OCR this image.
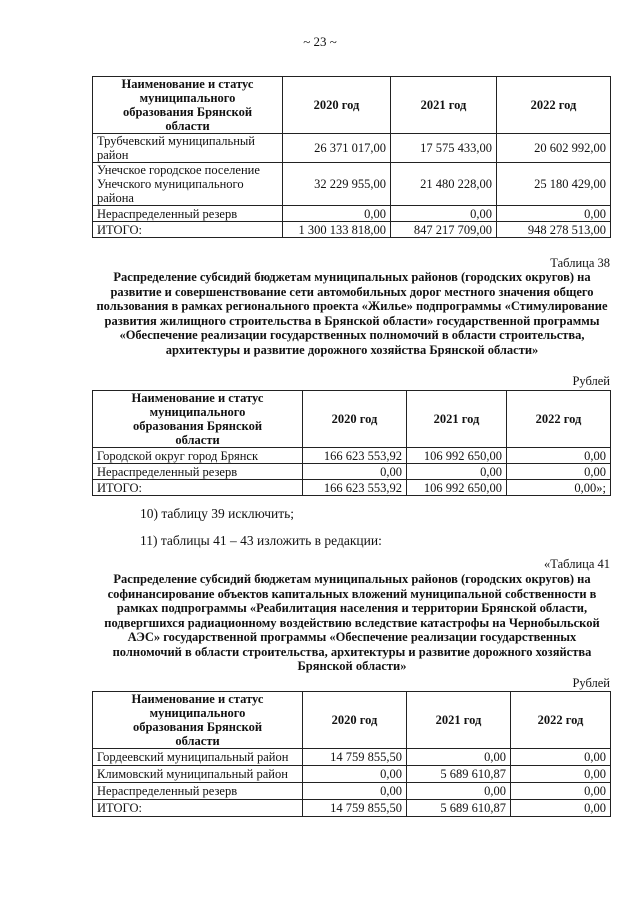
~ 23 ~
Наименование и статус муниципального образования Брянской области	2020 год	2021 год	2022 год
Трубчевский муниципальный район	26 371 017,00	17 575 433,00	20 602 992,00
Унечское городское поселение Унечского муниципального района	32 229 955,00	21 480 228,00	25 180 429,00
Нераспределенный резерв	0,00	0,00	0,00
ИТОГО:	1 300 133 818,00	847 217 709,00	948 278 513,00
Таблица 38
Распределение субсидий бюджетам муниципальных районов (городских округов) на развитие и совершенствование сети автомобильных дорог местного значения общего пользования в рамках регионального проекта «Жилье» подпрограммы «Стимулирование развития жилищного строительства в Брянской области» государственной программы «Обеспечение реализации государственных полномочий в области строительства, архитектуры и развитие дорожного хозяйства Брянской области»
Рублей
Наименование и статус муниципального образования Брянской области	2020 год	2021 год	2022 год
Городской округ город Брянск	166 623 553,92	106 992 650,00	0,00
Нераспределенный резерв	0,00	0,00	0,00
ИТОГО:	166 623 553,92	106 992 650,00	0,00»;
10) таблицу 39 исключить;
11) таблицы 41 – 43 изложить в редакции:
«Таблица 41
Распределение субсидий бюджетам муниципальных районов (городских округов) на софинансирование объектов капитальных вложений муниципальной собственности в рамках подпрограммы «Реабилитация населения и территории Брянской области, подвергшихся радиационному воздействию вследствие катастрофы на Чернобыльской АЭС» государственной программы «Обеспечение реализации государственных полномочий в области строительства, архитектуры и развитие дорожного хозяйства Брянской области»
Рублей
Наименование и статус муниципального образования Брянской области	2020 год	2021 год	2022 год
Гордеевский муниципальный район	14 759 855,50	0,00	0,00
Климовский муниципальный район	0,00	5 689 610,87	0,00
Нераспределенный резерв	0,00	0,00	0,00
ИТОГО:	14 759 855,50	5 689 610,87	0,00
